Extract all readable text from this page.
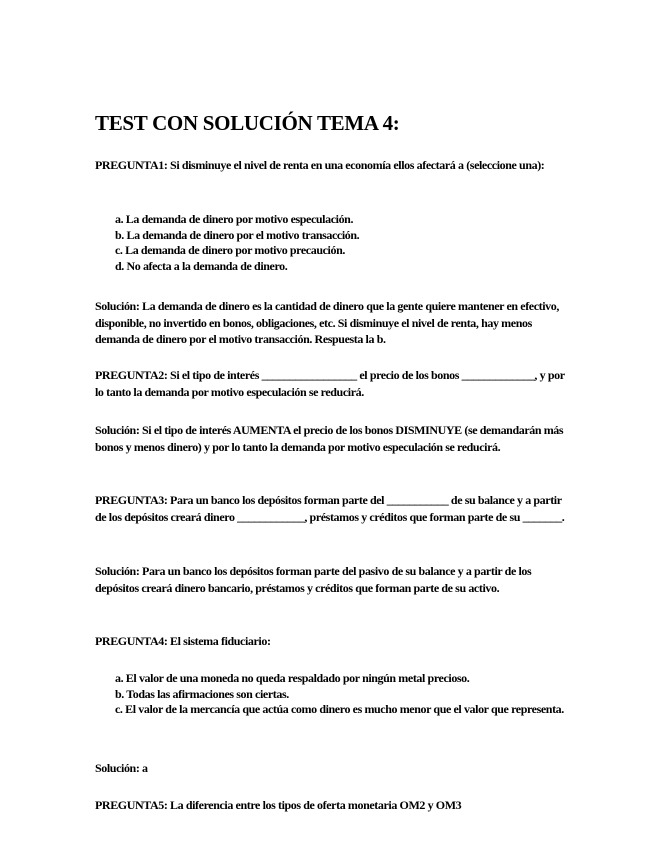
TEST CON SOLUCIÓN TEMA 4:

PREGUNTA1: Si disminuye el nivel de renta en una economía ellos afectará a (seleccione una):

a. La demanda de dinero por motivo especulación.
b. La demanda de dinero por el motivo transacción.
c. La demanda de dinero por motivo precaución.
d. No afecta a la demanda de dinero.

Solución: La demanda de dinero es la cantidad de dinero que la gente quiere mantener en efectivo, disponible, no invertido en bonos, obligaciones, etc. Si disminuye el nivel de renta, hay menos demanda de dinero por el motivo transacción. Respuesta la b.

PREGUNTA2: Si el tipo de interés _________________ el precio de los bonos _____________, y por lo tanto la demanda por motivo especulación se reducirá.

Solución: Si el tipo de interés AUMENTA el precio de los bonos DISMINUYE (se demandarán más bonos y menos dinero) y por lo tanto la demanda por motivo especulación se reducirá.

PREGUNTA3: Para un banco los depósitos forman parte del ___________ de su balance y a partir de los depósitos creará dinero ____________, préstamos y créditos que forman parte de su _______.

Solución: Para un banco los depósitos forman parte del pasivo de su balance y a partir de los depósitos creará dinero bancario, préstamos y créditos que forman parte de su activo.

PREGUNTA4: El sistema fiduciario:

a. El valor de una moneda no queda respaldado por ningún metal precioso.
b. Todas las afirmaciones son ciertas.
c. El valor de la mercancía que actúa como dinero es mucho menor que el valor que representa.

Solución: a

PREGUNTA5: La diferencia entre los tipos de oferta monetaria OM2 y OM3
